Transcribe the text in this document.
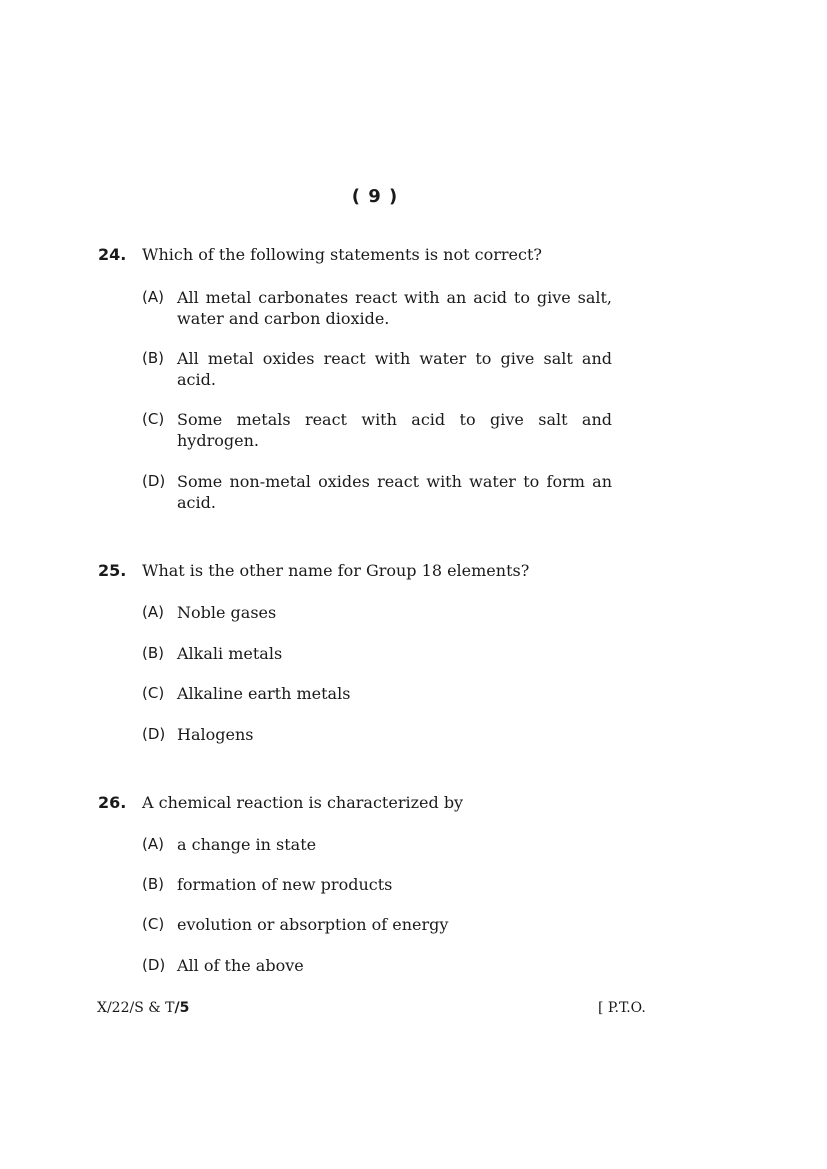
( 9 )
24. Which of the following statements is not correct?
(A) All metal carbonates react with an acid to give salt, water and carbon dioxide.
(B) All metal oxides react with water to give salt and acid.
(C) Some metals react with acid to give salt and hydrogen.
(D) Some non-metal oxides react with water to form an acid.
25. What is the other name for Group 18 elements?
(A) Noble gases
(B) Alkali metals
(C) Alkaline earth metals
(D) Halogens
26. A chemical reaction is characterized by
(A) a change in state
(B) formation of new products
(C) evolution or absorption of energy
(D) All of the above
X/22/S & T/5	[ P.T.O.
